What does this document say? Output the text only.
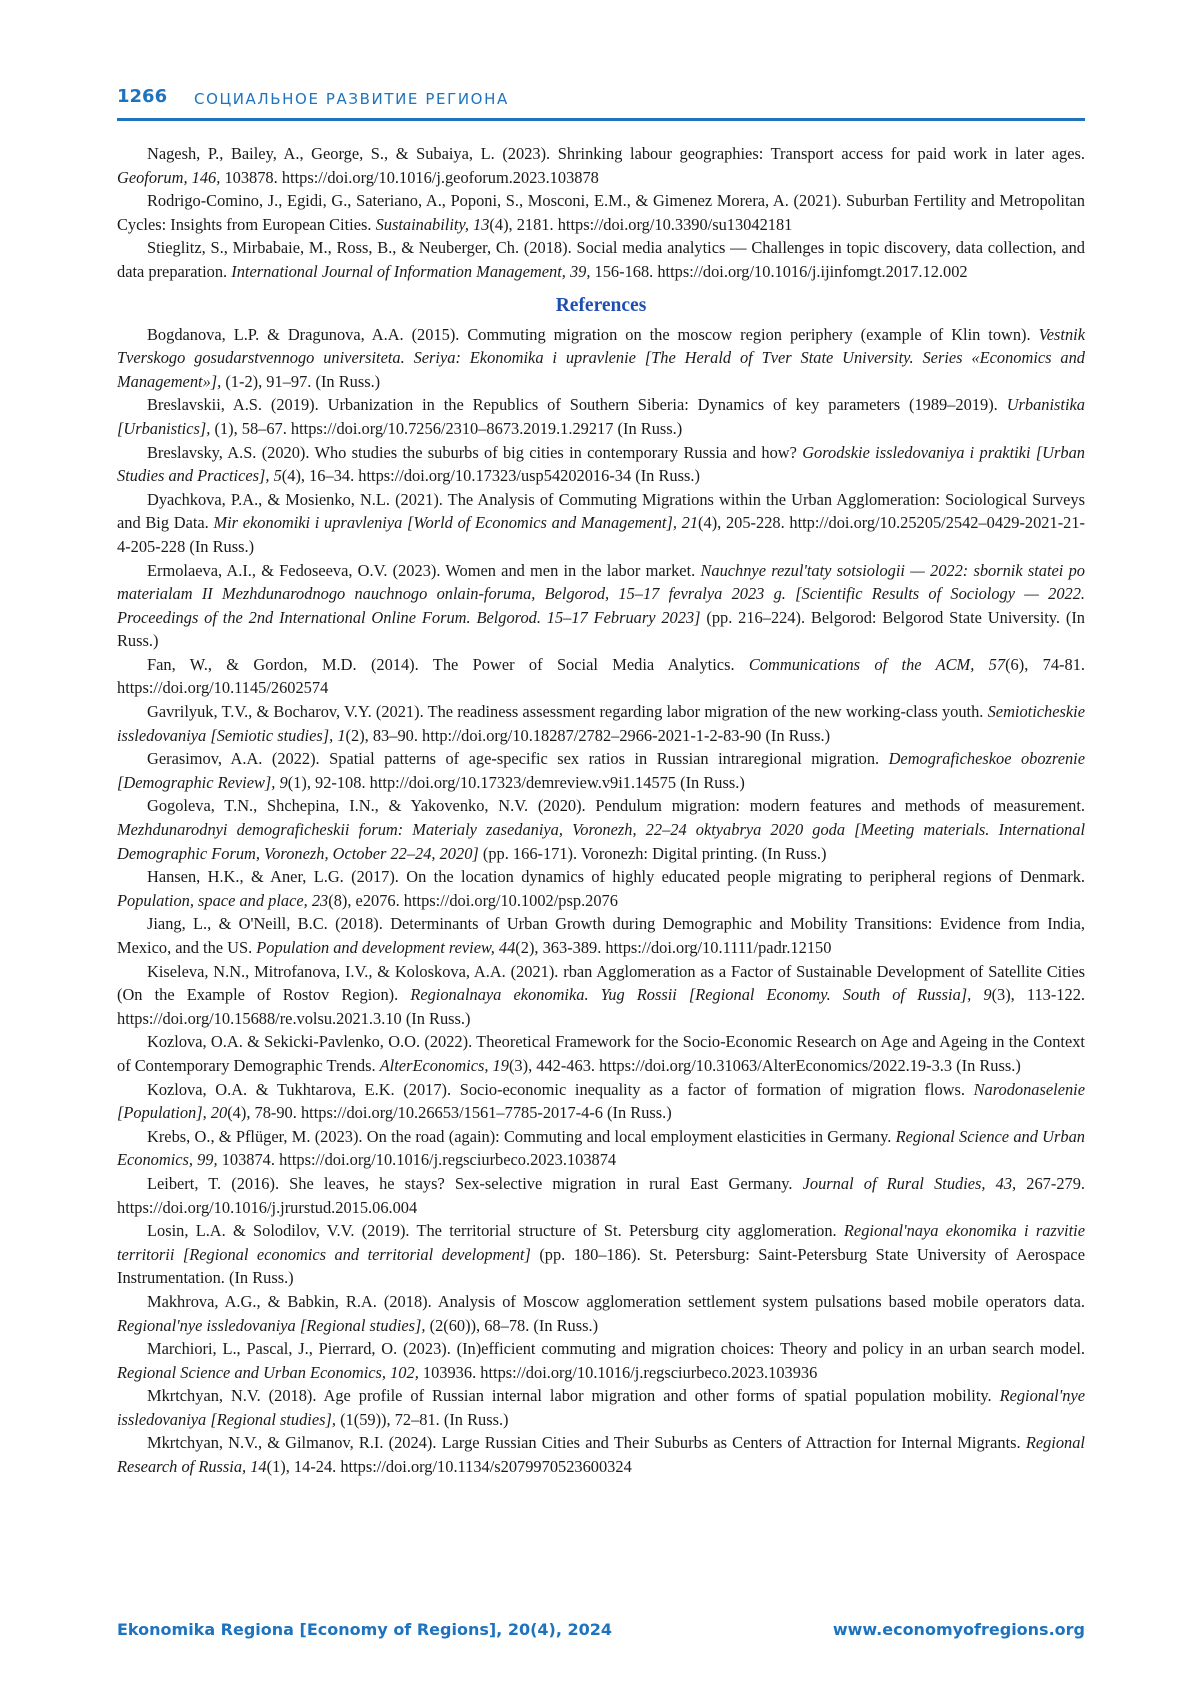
1266 СОЦИАЛЬНОЕ РАЗВИТИЕ РЕГИОНА

Nagesh, P., Bailey, A., George, S., & Subaiya, L. (2023). Shrinking labour geographies: Transport access for paid work in later ages. Geoforum, 146, 103878. https://doi.org/10.1016/j.geoforum.2023.103878

Rodrigo-Comino, J., Egidi, G., Sateriano, A., Poponi, S., Mosconi, E.M., & Gimenez Morera, A. (2021). Suburban Fertility and Metropolitan Cycles: Insights from European Cities. Sustainability, 13(4), 2181. https://doi.org/10.3390/su13042181

Stieglitz, S., Mirbabaie, M., Ross, B., & Neuberger, Ch. (2018). Social media analytics — Challenges in topic discovery, data collection, and data preparation. International Journal of Information Management, 39, 156-168. https://doi.org/10.1016/j.ijinfomgt.2017.12.002

References

Bogdanova, L.P. & Dragunova, A.A. (2015). Commuting migration on the moscow region periphery (example of Klin town). Vestnik Tverskogo gosudarstvennogo universiteta. Seriya: Ekonomika i upravlenie [The Herald of Tver State University. Series «Economics and Management»], (1-2), 91–97. (In Russ.)

Breslavskii, A.S. (2019). Urbanization in the Republics of Southern Siberia: Dynamics of key parameters (1989–2019). Urbanistika [Urbanistics], (1), 58–67. https://doi.org/10.7256/2310–8673.2019.1.29217 (In Russ.)

Breslavsky, A.S. (2020). Who studies the suburbs of big cities in contemporary Russia and how? Gorodskie issledovaniya i praktiki [Urban Studies and Practices], 5(4), 16–34. https://doi.org/10.17323/usp54202016-34 (In Russ.)

Dyachkova, P.A., & Mosienko, N.L. (2021). The Analysis of Commuting Migrations within the Urban Agglomeration: Sociological Surveys and Big Data. Mir ekonomiki i upravleniya [World of Economics and Management], 21(4), 205-228. http://doi.org/10.25205/2542–0429-2021-21-4-205-228 (In Russ.)

Ermolaeva, A.I., & Fedoseeva, O.V. (2023). Women and men in the labor market. Nauchnye rezul'taty sotsiologii — 2022: sbornik statei po materialam II Mezhdunarodnogo nauchnogo onlain-foruma, Belgorod, 15–17 fevralya 2023 g. [Scientific Results of Sociology — 2022. Proceedings of the 2nd International Online Forum. Belgorod. 15–17 February 2023] (pp. 216–224). Belgorod: Belgorod State University. (In Russ.)

Fan, W., & Gordon, M.D. (2014). The Power of Social Media Analytics. Communications of the ACM, 57(6), 74-81. https://doi.org/10.1145/2602574

Gavrilyuk, T.V., & Bocharov, V.Y. (2021). The readiness assessment regarding labor migration of the new working-class youth. Semioticheskie issledovaniya [Semiotic studies], 1(2), 83–90. http://doi.org/10.18287/2782–2966-2021-1-2-83-90 (In Russ.)

Gerasimov, A.A. (2022). Spatial patterns of age-specific sex ratios in Russian intraregional migration. Demograficheskoe obozrenie [Demographic Review], 9(1), 92-108. http://doi.org/10.17323/demreview.v9i1.14575 (In Russ.)

Gogoleva, T.N., Shchepina, I.N., & Yakovenko, N.V. (2020). Pendulum migration: modern features and methods of measurement. Mezhdunarodnyi demograficheskii forum: Materialy zasedaniya, Voronezh, 22–24 oktyabrya 2020 goda [Meeting materials. International Demographic Forum, Voronezh, October 22–24, 2020] (pp. 166-171). Voronezh: Digital printing. (In Russ.)

Hansen, H.K., & Aner, L.G. (2017). On the location dynamics of highly educated people migrating to peripheral regions of Denmark. Population, space and place, 23(8), e2076. https://doi.org/10.1002/psp.2076

Jiang, L., & O'Neill, B.C. (2018). Determinants of Urban Growth during Demographic and Mobility Transitions: Evidence from India, Mexico, and the US. Population and development review, 44(2), 363-389. https://doi.org/10.1111/padr.12150

Kiseleva, N.N., Mitrofanova, I.V., & Koloskova, A.A. (2021). rban Agglomeration as a Factor of Sustainable Development of Satellite Cities (On the Example of Rostov Region). Regionalnaya ekonomika. Yug Rossii [Regional Economy. South of Russia], 9(3), 113-122. https://doi.org/10.15688/re.volsu.2021.3.10 (In Russ.)

Kozlova, O.A. & Sekicki-Pavlenko, O.O. (2022). Theoretical Framework for the Socio-Economic Research on Age and Ageing in the Context of Contemporary Demographic Trends. AlterEconomics, 19(3), 442-463. https://doi.org/10.31063/AlterEconomics/2022.19-3.3 (In Russ.)

Kozlova, O.A. & Tukhtarova, E.K. (2017). Socio-economic inequality as a factor of formation of migration flows. Narodonaselenie [Population], 20(4), 78-90. https://doi.org/10.26653/1561–7785-2017-4-6 (In Russ.)

Krebs, O., & Pflüger, M. (2023). On the road (again): Commuting and local employment elasticities in Germany. Regional Science and Urban Economics, 99, 103874. https://doi.org/10.1016/j.regsciurbeco.2023.103874

Leibert, T. (2016). She leaves, he stays? Sex-selective migration in rural East Germany. Journal of Rural Studies, 43, 267-279. https://doi.org/10.1016/j.jrurstud.2015.06.004

Losin, L.A. & Solodilov, V.V. (2019). The territorial structure of St. Petersburg city agglomeration. Regional'naya ekonomika i razvitie territorii [Regional economics and territorial development] (pp. 180–186). St. Petersburg: Saint-Petersburg State University of Aerospace Instrumentation. (In Russ.)

Makhrova, A.G., & Babkin, R.A. (2018). Analysis of Moscow agglomeration settlement system pulsations based mobile operators data. Regional'nye issledovaniya [Regional studies], (2(60)), 68–78. (In Russ.)

Marchiori, L., Pascal, J., Pierrard, O. (2023). (In)efficient commuting and migration choices: Theory and policy in an urban search model. Regional Science and Urban Economics, 102, 103936. https://doi.org/10.1016/j.regsciurbeco.2023.103936

Mkrtchyan, N.V. (2018). Age profile of Russian internal labor migration and other forms of spatial population mobility. Regional'nye issledovaniya [Regional studies], (1(59)), 72–81. (In Russ.)

Mkrtchyan, N.V., & Gilmanov, R.I. (2024). Large Russian Cities and Their Suburbs as Centers of Attraction for Internal Migrants. Regional Research of Russia, 14(1), 14-24. https://doi.org/10.1134/s2079970523600324

Ekonomika Regiona [Economy of Regions], 20(4), 2024	www.economyofregions.org
